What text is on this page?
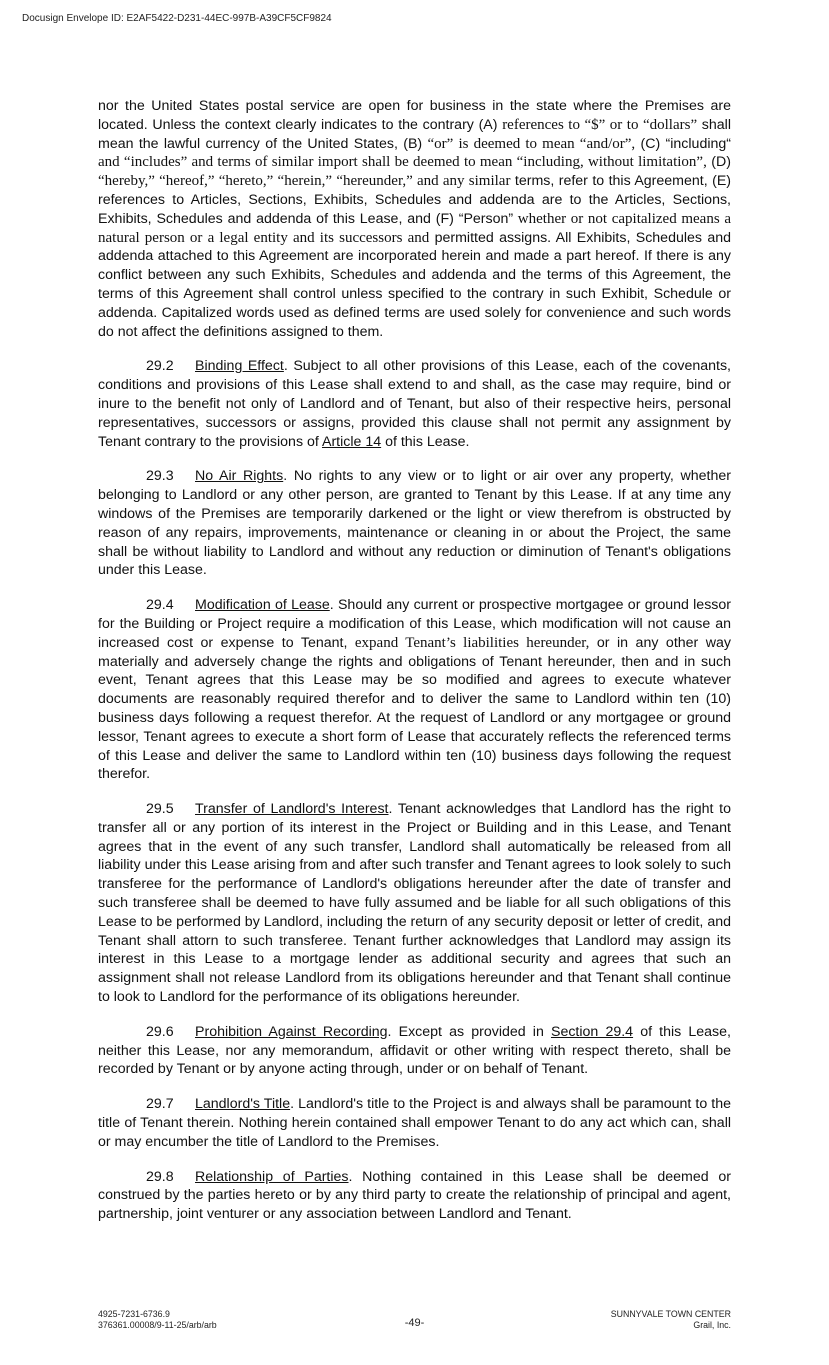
Docusign Envelope ID: E2AF5422-D231-44EC-997B-A39CF5CF9824

nor the United States postal service are open for business in the state where the Premises are located. Unless the context clearly indicates to the contrary (A) references to “$” or to “dollars” shall mean the lawful currency of the United States, (B) “or” is deemed to mean “and/or”, (C) “including“ and “includes” and terms of similar import shall be deemed to mean “including, without limitation”, (D) “hereby,” “hereof,” “hereto,” “herein,” “hereunder,” and any similar terms, refer to this Agreement, (E) references to Articles, Sections, Exhibits, Schedules and addenda are to the Articles, Sections, Exhibits, Schedules and addenda of this Lease, and (F) “Person” whether or not capitalized means a natural person or a legal entity and its successors and permitted assigns. All Exhibits, Schedules and addenda attached to this Agreement are incorporated herein and made a part hereof. If there is any conflict between any such Exhibits, Schedules and addenda and the terms of this Agreement, the terms of this Agreement shall control unless specified to the contrary in such Exhibit, Schedule or addenda. Capitalized words used as defined terms are used solely for convenience and such words do not affect the definitions assigned to them.

29.2 Binding Effect. Subject to all other provisions of this Lease, each of the covenants, conditions and provisions of this Lease shall extend to and shall, as the case may require, bind or inure to the benefit not only of Landlord and of Tenant, but also of their respective heirs, personal representatives, successors or assigns, provided this clause shall not permit any assignment by Tenant contrary to the provisions of Article 14 of this Lease.

29.3 No Air Rights. No rights to any view or to light or air over any property, whether belonging to Landlord or any other person, are granted to Tenant by this Lease. If at any time any windows of the Premises are temporarily darkened or the light or view therefrom is obstructed by reason of any repairs, improvements, maintenance or cleaning in or about the Project, the same shall be without liability to Landlord and without any reduction or diminution of Tenant's obligations under this Lease.

29.4 Modification of Lease. Should any current or prospective mortgagee or ground lessor for the Building or Project require a modification of this Lease, which modification will not cause an increased cost or expense to Tenant, expand Tenant’s liabilities hereunder, or in any other way materially and adversely change the rights and obligations of Tenant hereunder, then and in such event, Tenant agrees that this Lease may be so modified and agrees to execute whatever documents are reasonably required therefor and to deliver the same to Landlord within ten (10) business days following a request therefor. At the request of Landlord or any mortgagee or ground lessor, Tenant agrees to execute a short form of Lease that accurately reflects the referenced terms of this Lease and deliver the same to Landlord within ten (10) business days following the request therefor.

29.5 Transfer of Landlord's Interest. Tenant acknowledges that Landlord has the right to transfer all or any portion of its interest in the Project or Building and in this Lease, and Tenant agrees that in the event of any such transfer, Landlord shall automatically be released from all liability under this Lease arising from and after such transfer and Tenant agrees to look solely to such transferee for the performance of Landlord's obligations hereunder after the date of transfer and such transferee shall be deemed to have fully assumed and be liable for all such obligations of this Lease to be performed by Landlord, including the return of any security deposit or letter of credit, and Tenant shall attorn to such transferee. Tenant further acknowledges that Landlord may assign its interest in this Lease to a mortgage lender as additional security and agrees that such an assignment shall not release Landlord from its obligations hereunder and that Tenant shall continue to look to Landlord for the performance of its obligations hereunder.

29.6 Prohibition Against Recording. Except as provided in Section 29.4 of this Lease, neither this Lease, nor any memorandum, affidavit or other writing with respect thereto, shall be recorded by Tenant or by anyone acting through, under or on behalf of Tenant.

29.7 Landlord's Title. Landlord's title to the Project is and always shall be paramount to the title of Tenant therein. Nothing herein contained shall empower Tenant to do any act which can, shall or may encumber the title of Landlord to the Premises.

29.8 Relationship of Parties. Nothing contained in this Lease shall be deemed or construed by the parties hereto or by any third party to create the relationship of principal and agent, partnership, joint venturer or any association between Landlord and Tenant.

4925-7231-6736.9
376361.00008/9-11-25/arb/arb	-49-
SUNNYVALE TOWN CENTER
Grail, Inc.
